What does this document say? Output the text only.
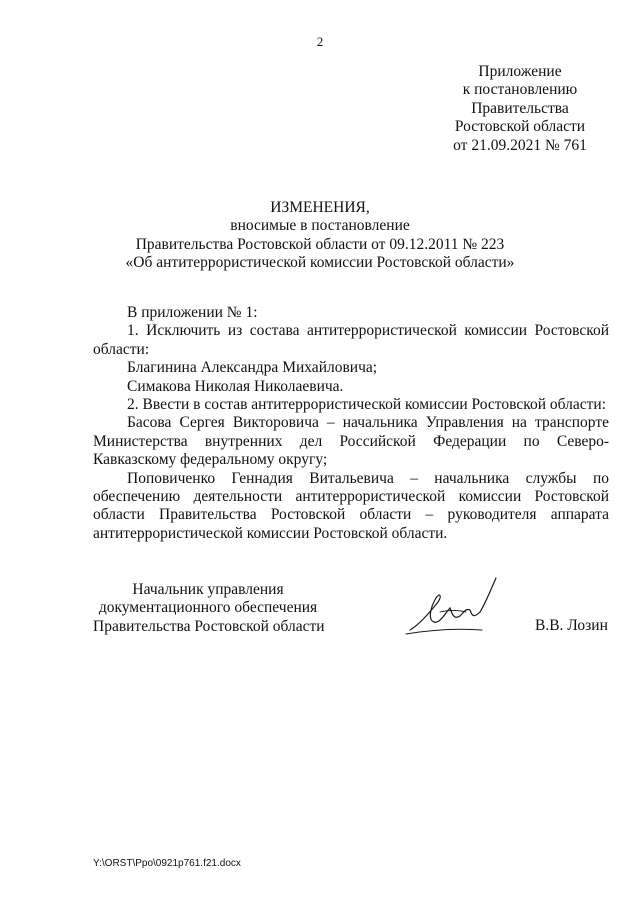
2
Приложение
к постановлению
Правительства
Ростовской области
от 21.09.2021 № 761
ИЗМЕНЕНИЯ,
вносимые в постановление
Правительства Ростовской области от 09.12.2011 № 223
«Об антитеррористической комиссии Ростовской области»
В приложении № 1:
1. Исключить из состава антитеррористической комиссии Ростовской области:
Благинина Александра Михайловича;
Симакова Николая Николаевича.
2. Ввести в состав антитеррористической комиссии Ростовской области:
Басова Сергея Викторовича – начальника Управления на транспорте Министерства внутренних дел Российской Федерации по Северо-Кавказскому федеральному округу;
Поповиченко Геннадия Витальевича – начальника службы по обеспечению деятельности антитеррористической комиссии Ростовской области Правительства Ростовской области – руководителя аппарата антитеррористической комиссии Ростовской области.
Начальник управления
документационного обеспечения
Правительства Ростовской области	В.В. Лозин
Y:\ORST\Ppo\0921p761.f21.docx
